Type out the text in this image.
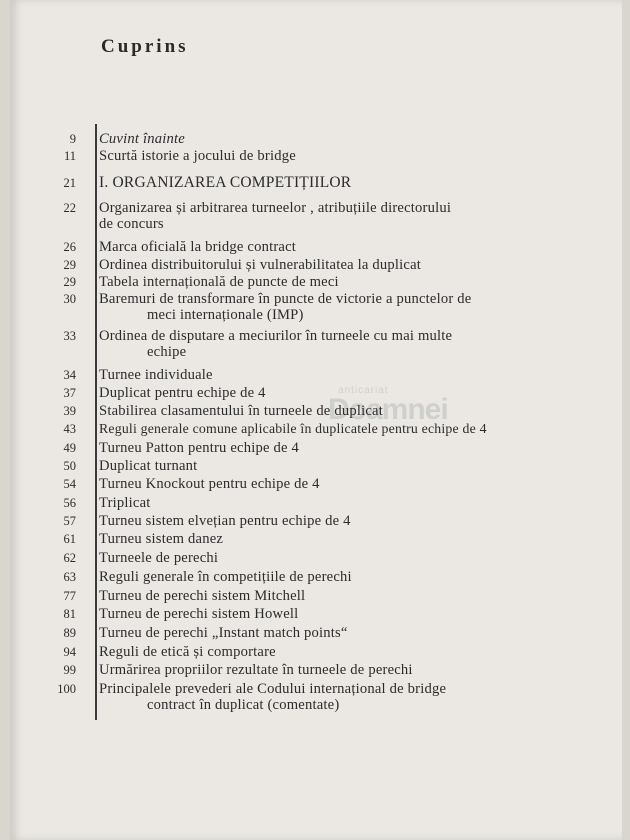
Cuprins
anticariat
Doamnei
9 Cuvint înainte
11 Scurtă istorie a jocului de bridge
21 I. ORGANIZAREA COMPETIȚIILOR
22 Organizarea și arbitrarea turneelor , atribuțiile directorului
de concurs
26 Marca oficială la bridge contract
29 Ordinea distribuitorului și vulnerabilitatea la duplicat
29 Tabela internațională de puncte de meci
30 Baremuri de transformare în puncte de victorie a punctelor de
meci internaționale (IMP)
33 Ordinea de disputare a meciurilor în turneele cu mai multe
echipe
34 Turnee individuale
37 Duplicat pentru echipe de 4
39 Stabilirea clasamentului în turneele de duplicat
43 Reguli generale comune aplicabile în duplicatele pentru echipe de 4
49 Turneu Patton pentru echipe de 4
50 Duplicat turnant
54 Turneu Knockout pentru echipe de 4
56 Triplicat
57 Turneu sistem elvețian pentru echipe de 4
61 Turneu sistem danez
62 Turneele de perechi
63 Reguli generale în competițiile de perechi
77 Turneu de perechi sistem Mitchell
81 Turneu de perechi sistem Howell
89 Turneu de perechi „Instant match points“
94 Reguli de etică și comportare
99 Urmărirea propriilor rezultate în turneele de perechi
100 Principalele prevederi ale Codului internațional de bridge
contract în duplicat (comentate)
